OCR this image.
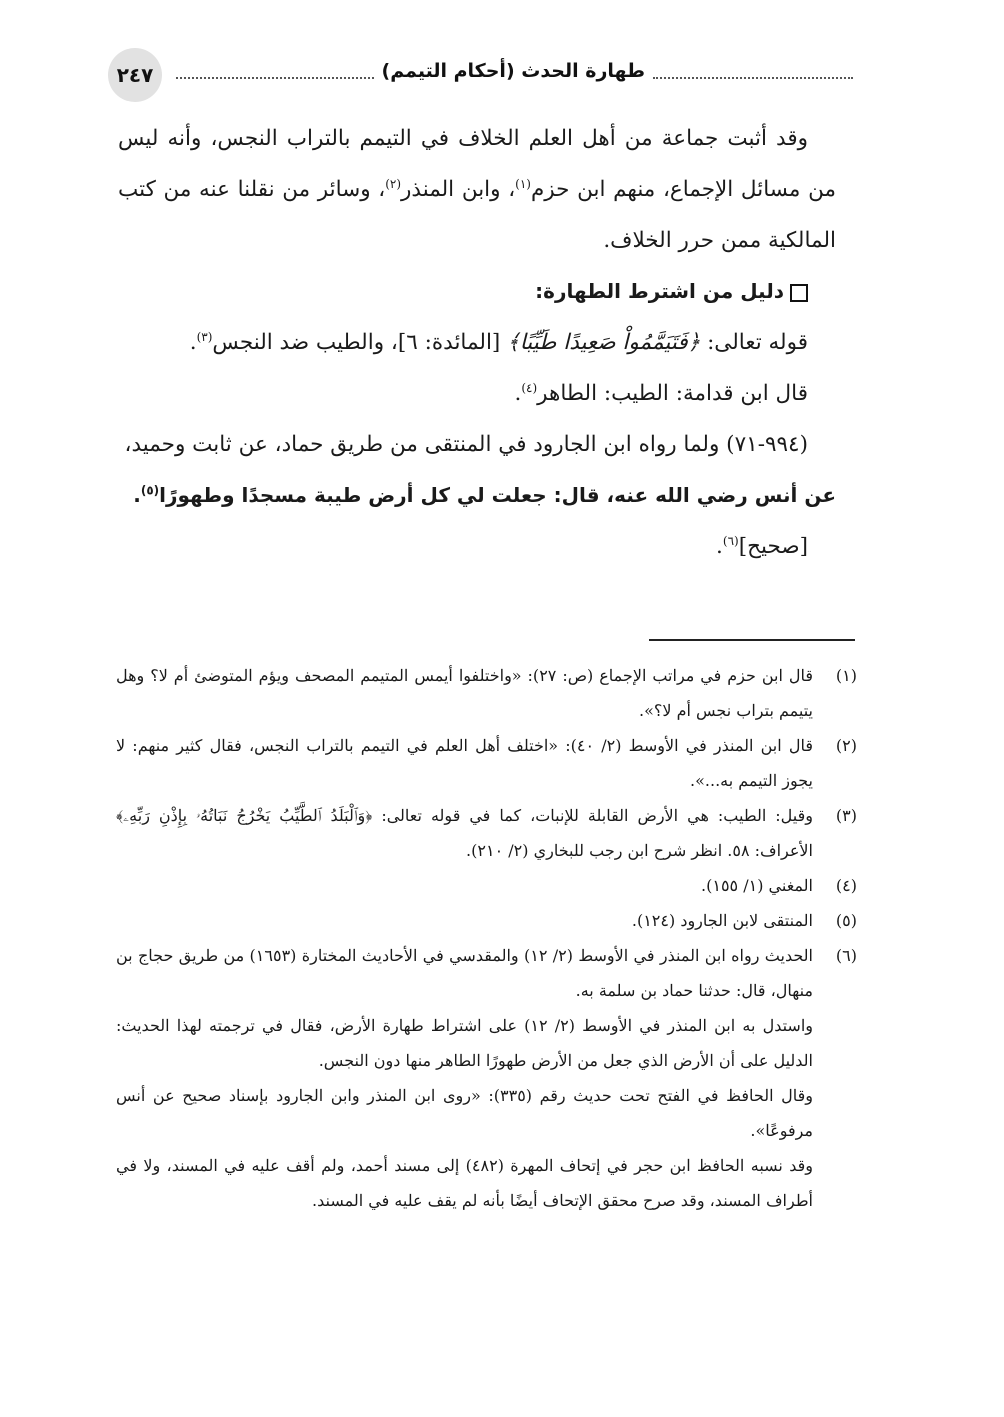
طهارة الحدث (أحكام التيمم)
٢٤٧

وقد أثبت جماعة من أهل العلم الخلاف في التيمم بالتراب النجس، وأنه ليس من مسائل الإجماع، منهم ابن حزم$^{(١)}$، وابن المنذر$^{(٢)}$، وسائر من نقلنا عنه من كتب المالكية ممن حرر الخلاف.

دليل من اشترط الطهارة:

قوله تعالى: ﴿فَتَيَمَّمُواْ صَعِيدًا طَيِّبًا﴾ [المائدة: ٦]، والطيب ضد النجس$^{(٣)}$.

قال ابن قدامة: الطيب: الطاهر$^{(٤)}$.

(٩٩٤-٧١) ولما رواه ابن الجارود في المنتقى من طريق حماد، عن ثابت وحميد،

عن أنس رضي الله عنه، قال: جعلت لي كل أرض طيبة مسجدًا وطهورًا$^{(٥)}$.

[صحيح]$^{(٦)}$.

(١)

قال ابن حزم في مراتب الإجماع (ص: ٢٧): «واختلفوا أيمس المتيمم المصحف ويؤم المتوضئ أم لا؟ وهل يتيمم بتراب نجس أم لا؟».

(٢)

قال ابن المنذر في الأوسط (٢/ ٤٠): «اختلف أهل العلم في التيمم بالتراب النجس، فقال كثير منهم: لا يجوز التيمم به...».

(٣)

وقيل: الطيب: هي الأرض القابلة للإنبات، كما في قوله تعالى: ﴿وَٱلْبَلَدُ ٱلطَّيِّبُ يَخْرُجُ نَبَاتُهُۥ بِإِذْنِ رَبِّهِۦ﴾ الأعراف: ٥٨. انظر شرح ابن رجب للبخاري (٢/ ٢١٠).

(٤)

المغني (١/ ١٥٥).

(٥)

المنتقى لابن الجارود (١٢٤).

(٦)

الحديث رواه ابن المنذر في الأوسط (٢/ ١٢) والمقدسي في الأحاديث المختارة (١٦٥٣) من طريق حجاج بن منهال، قال: حدثنا حماد بن سلمة به.

واستدل به ابن المنذر في الأوسط (٢/ ١٢) على اشتراط طهارة الأرض، فقال في ترجمته لهذا الحديث: الدليل على أن الأرض الذي جعل من الأرض طهورًا الطاهر منها دون النجس.

وقال الحافظ في الفتح تحت حديث رقم (٣٣٥): «روى ابن المنذر وابن الجارود بإسناد صحيح عن أنس مرفوعًا».

وقد نسبه الحافظ ابن حجر في إتحاف المهرة (٤٨٢) إلى مسند أحمد، ولم أقف عليه في المسند، ولا في أطراف المسند، وقد صرح محقق الإتحاف أيضًا بأنه لم يقف عليه في المسند.
